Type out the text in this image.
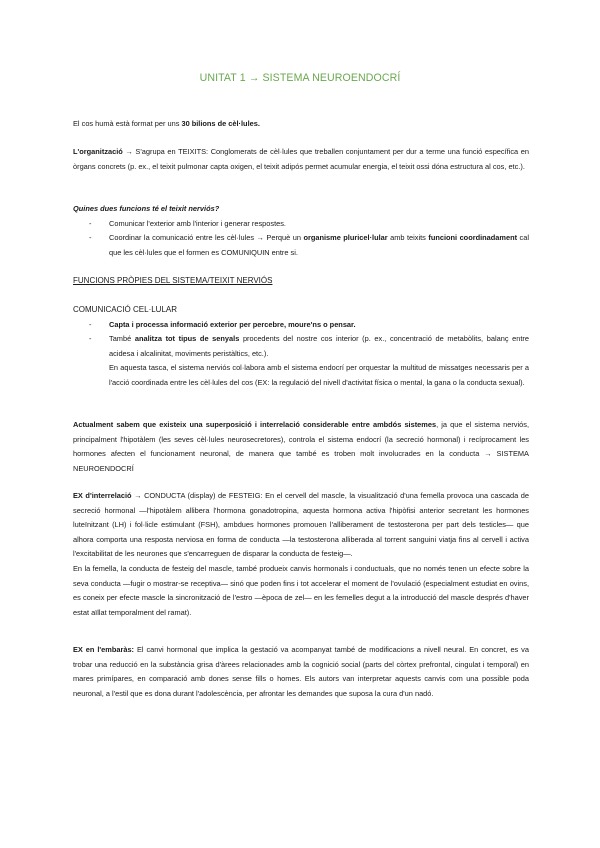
UNITAT 1 → SISTEMA NEUROENDOCRÍ

El cos humà està format per uns 30 bilions de cèl·lules.

L'organització → S'agrupa en TEIXITS: Conglomerats de cèl·lules que treballen conjuntament per dur a terme una funció específica en òrgans concrets (p. ex., el teixit pulmonar capta oxigen, el teixit adipós permet acumular energia, el teixit ossi dóna estructura al cos, etc.).

Quines dues funcions té el teixit nerviós?

- Comunicar l'exterior amb l'interior i generar respostes.
- Coordinar la comunicació entre les cèl·lules → Perquè un organisme pluricel·lular amb teixits funcioni coordinadament cal que les cèl·lules que el formen es COMUNIQUIN entre si.

FUNCIONS PRÒPIES DEL SISTEMA/TEIXIT NERVIÓS

COMUNICACIÓ CEL·LULAR

- Capta i processa informació exterior per percebre, moure'ns o pensar.
- També analitza tot tipus de senyals procedents del nostre cos interior (p. ex., concentració de metabòlits, balanç entre acidesa i alcalinitat, moviments peristàltics, etc.).

En aquesta tasca, el sistema nerviós col·labora amb el sistema endocrí per orquestar la multitud de missatges necessaris per a l'acció coordinada entre les cèl·lules del cos (EX: la regulació del nivell d'activitat física o mental, la gana o la conducta sexual).

Actualment sabem que existeix una superposició i interrelació considerable entre ambdós sistemes, ja que el sistema nerviós, principalment l'hipotàlem (les seves cèl·lules neurosecretores), controla el sistema endocrí (la secreció hormonal) i recíprocament les hormones afecten el funcionament neuronal, de manera que també es troben molt involucrades en la conducta → SISTEMA NEUROENDOCRÍ

EX d'interrelació → CONDUCTA (display) de FESTEIG: En el cervell del mascle, la visualització d'una femella provoca una cascada de secreció hormonal —l'hipotàlem allibera l'hormona gonadotropina, aquesta hormona activa l'hipòfisi anterior secretant les hormones luteïnitzant (LH) i fol·licle estimulant (FSH), ambdues hormones promouen l'alliberament de testosterona per part dels testicles— que alhora comporta una resposta nerviosa en forma de conducta —la testosterona alliberada al torrent sanguini viatja fins al cervell i activa l'excitabilitat de les neurones que s'encarreguen de disparar la conducta de festeig—.

En la femella, la conducta de festeig del mascle, també produeix canvis hormonals i conductuals, que no només tenen un efecte sobre la seva conducta —fugir o mostrar-se receptiva— sinó que poden fins i tot accelerar el moment de l'ovulació (especialment estudiat en ovins, es coneix per efecte mascle la sincronització de l'estro —època de zel— en les femelles degut a la introducció del mascle després d'haver estat aïllat temporalment del ramat).

EX en l'embaràs: El canvi hormonal que implica la gestació va acompanyat també de modificacions a nivell neural. En concret, es va trobar una reducció en la substància grisa d'àrees relacionades amb la cognició social (parts del còrtex prefrontal, cingulat i temporal) en mares primípares, en comparació amb dones sense fills o homes. Els autors van interpretar aquests canvis com una possible poda neuronal, a l'estil que es dona durant l'adolescència, per afrontar les demandes que suposa la cura d'un nadó.
